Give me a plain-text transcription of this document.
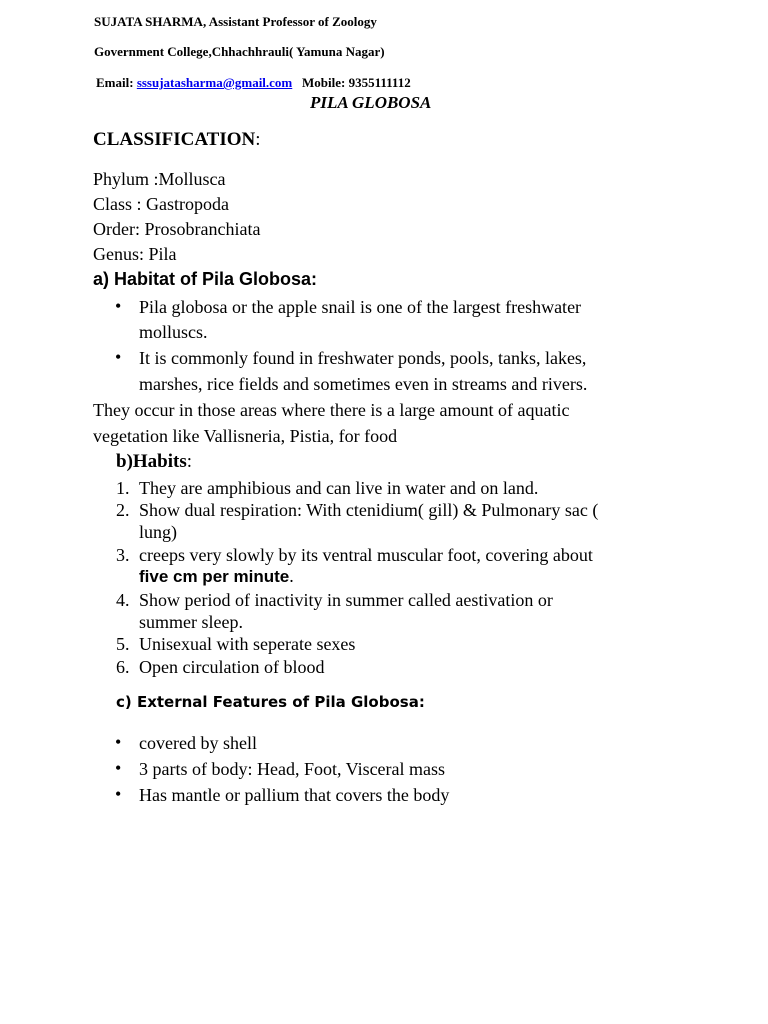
SUJATA SHARMA, Assistant Professor of Zoology
Government College,Chhachhrauli( Yamuna Nagar)
Email: sssujatasharma@gmail.com Mobile: 9355111112
PILA GLOBOSA
CLASSIFICATION:
Phylum :Mollusca
Class : Gastropoda
Order: Prosobranchiata
Genus: Pila
a) Habitat of Pila Globosa:
• Pila globosa or the apple snail is one of the largest freshwater
molluscs.
• It is commonly found in freshwater ponds, pools, tanks, lakes,
marshes, rice fields and sometimes even in streams and rivers.
They occur in those areas where there is a large amount of aquatic
vegetation like Vallisneria, Pistia, for food
b)Habits:
1. They are amphibious and can live in water and on land.
2. Show dual respiration: With ctenidium( gill) & Pulmonary sac (
lung)
3. creeps very slowly by its ventral muscular foot, covering about
five cm per minute.
4. Show period of inactivity in summer called aestivation or
summer sleep.
5. Unisexual with seperate sexes
6. Open circulation of blood
c) External Features of Pila Globosa:
• covered by shell
• 3 parts of body: Head, Foot, Visceral mass
• Has mantle or pallium that covers the body
